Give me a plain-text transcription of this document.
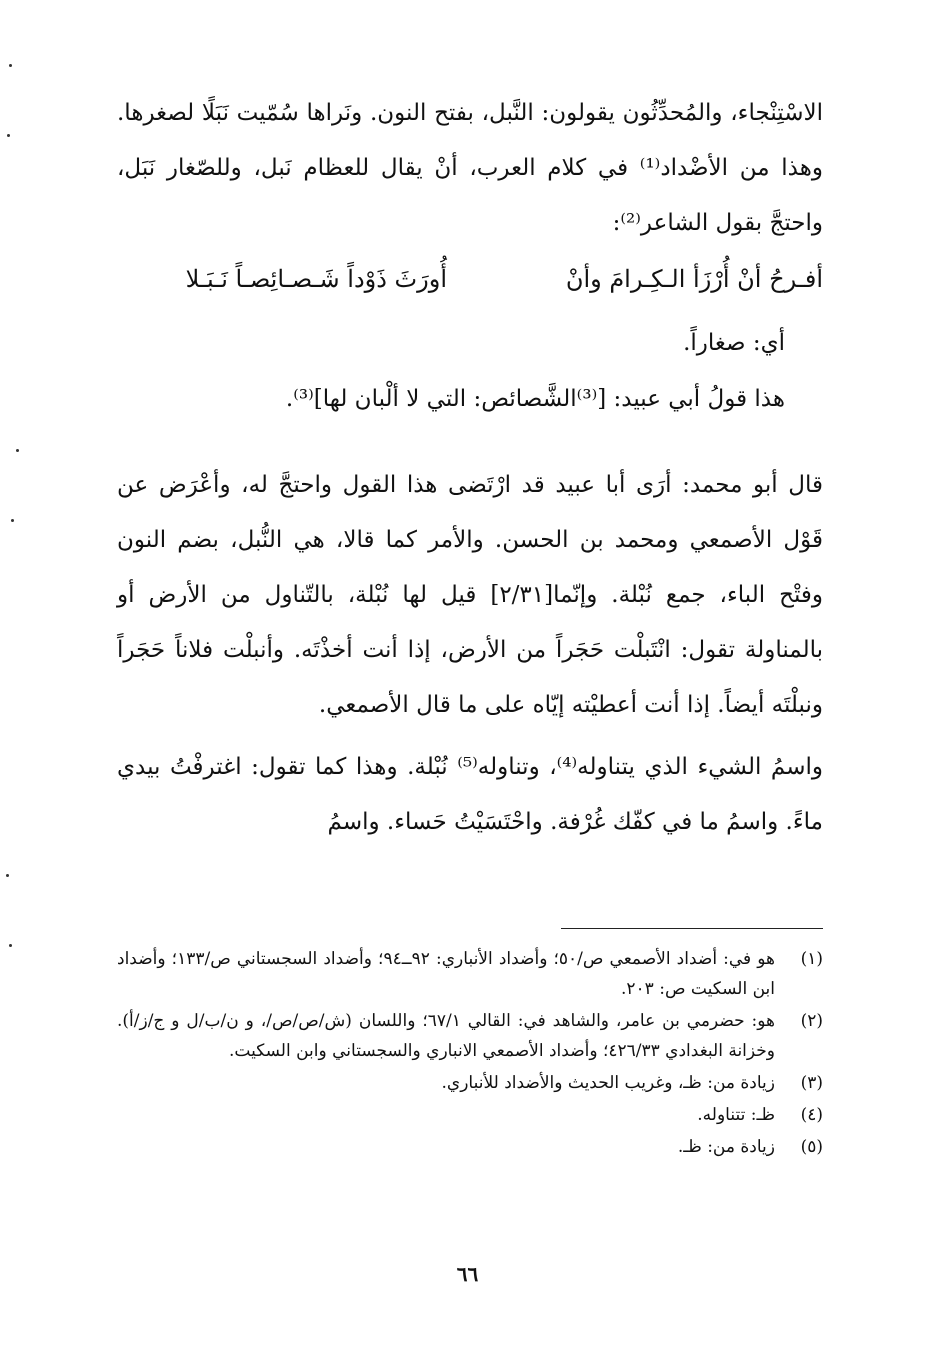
الاسْتِنْجاء، والمُحدِّثُون يقولون: النَّبل، بفتح النون. ونَراها سُمّيت نَبَلًا لصغرها. وهذا من الأضْداد⁽¹⁾ في كلام العرب، أنْ يقال للعظام نَبل، وللصّغار نَبَل، واحتجَّ بقول الشاعر⁽²⁾:
أفـرحُ أنْ أُرْزَأ الـكِـرامَ وأنْ
أُورَثَ ذَوْداً شَـصـائِصـاً نَـبَـلا
أي: صغاراً.
هذا قولُ أبي عبيد: [⁽³⁾الشَّصائص: التي لا ألْبان لها]⁽³⁾.
قال أبو محمد: أرَى أبا عبيد قد ارْتَضى هذا القول واحتجَّ له، وأعْرَض عن قَوْل الأصمعي ومحمد بن الحسن. والأمر كما قالا، هي النُّبل، بضم النون وفتْح الباء، جمع نُبْلة. وإنّما[٢/٣١] قيل لها نُبْلة، بالتّناول من الأرض أو بالمناولة تقول: انْتَبلْت حَجَراً من الأرض، إذا أنت أخذْتَه. وأنبلْت فلاناً حَجَراً ونبلْتَه أيضاً. إذا أنت أعطيْته إيّاه على ما قال الأصمعي.
واسمُ الشيء الذي يتناوله⁽⁴⁾، وتناوله⁽⁵⁾ نُبْلة. وهذا كما تقول: اغترفْتُ بيدي ماءً. واسمُ ما في كفّك غُرْفة. واحْتَسَيْتُ حَساء. واسمُ
(١)
هو في: أضداد الأصمعي ص/٥٠؛ وأضداد الأنباري: ٩٢ــ٩٤؛ وأضداد السجستاني ص/١٣٣؛ وأضداد ابن السكيت ص: ٢٠٣.
(٢)
هو: حضرمي بن عامر، والشاهد في: القالي ٦٧/١؛ واللسان (ش/ص/ص/، و ن/ب/ل و ج/ز/أ). وخزانة البغدادي ٤٢٦/٣٣؛ وأضداد الأصمعي الانباري والسجستاني وابن السكيت.
(٣)
زيادة من: ظـ، وغريب الحديث والأضداد للأنباري.
(٤)
ظـ: تتناوله.
(٥)
زيادة من: ظـ.
٦٦
